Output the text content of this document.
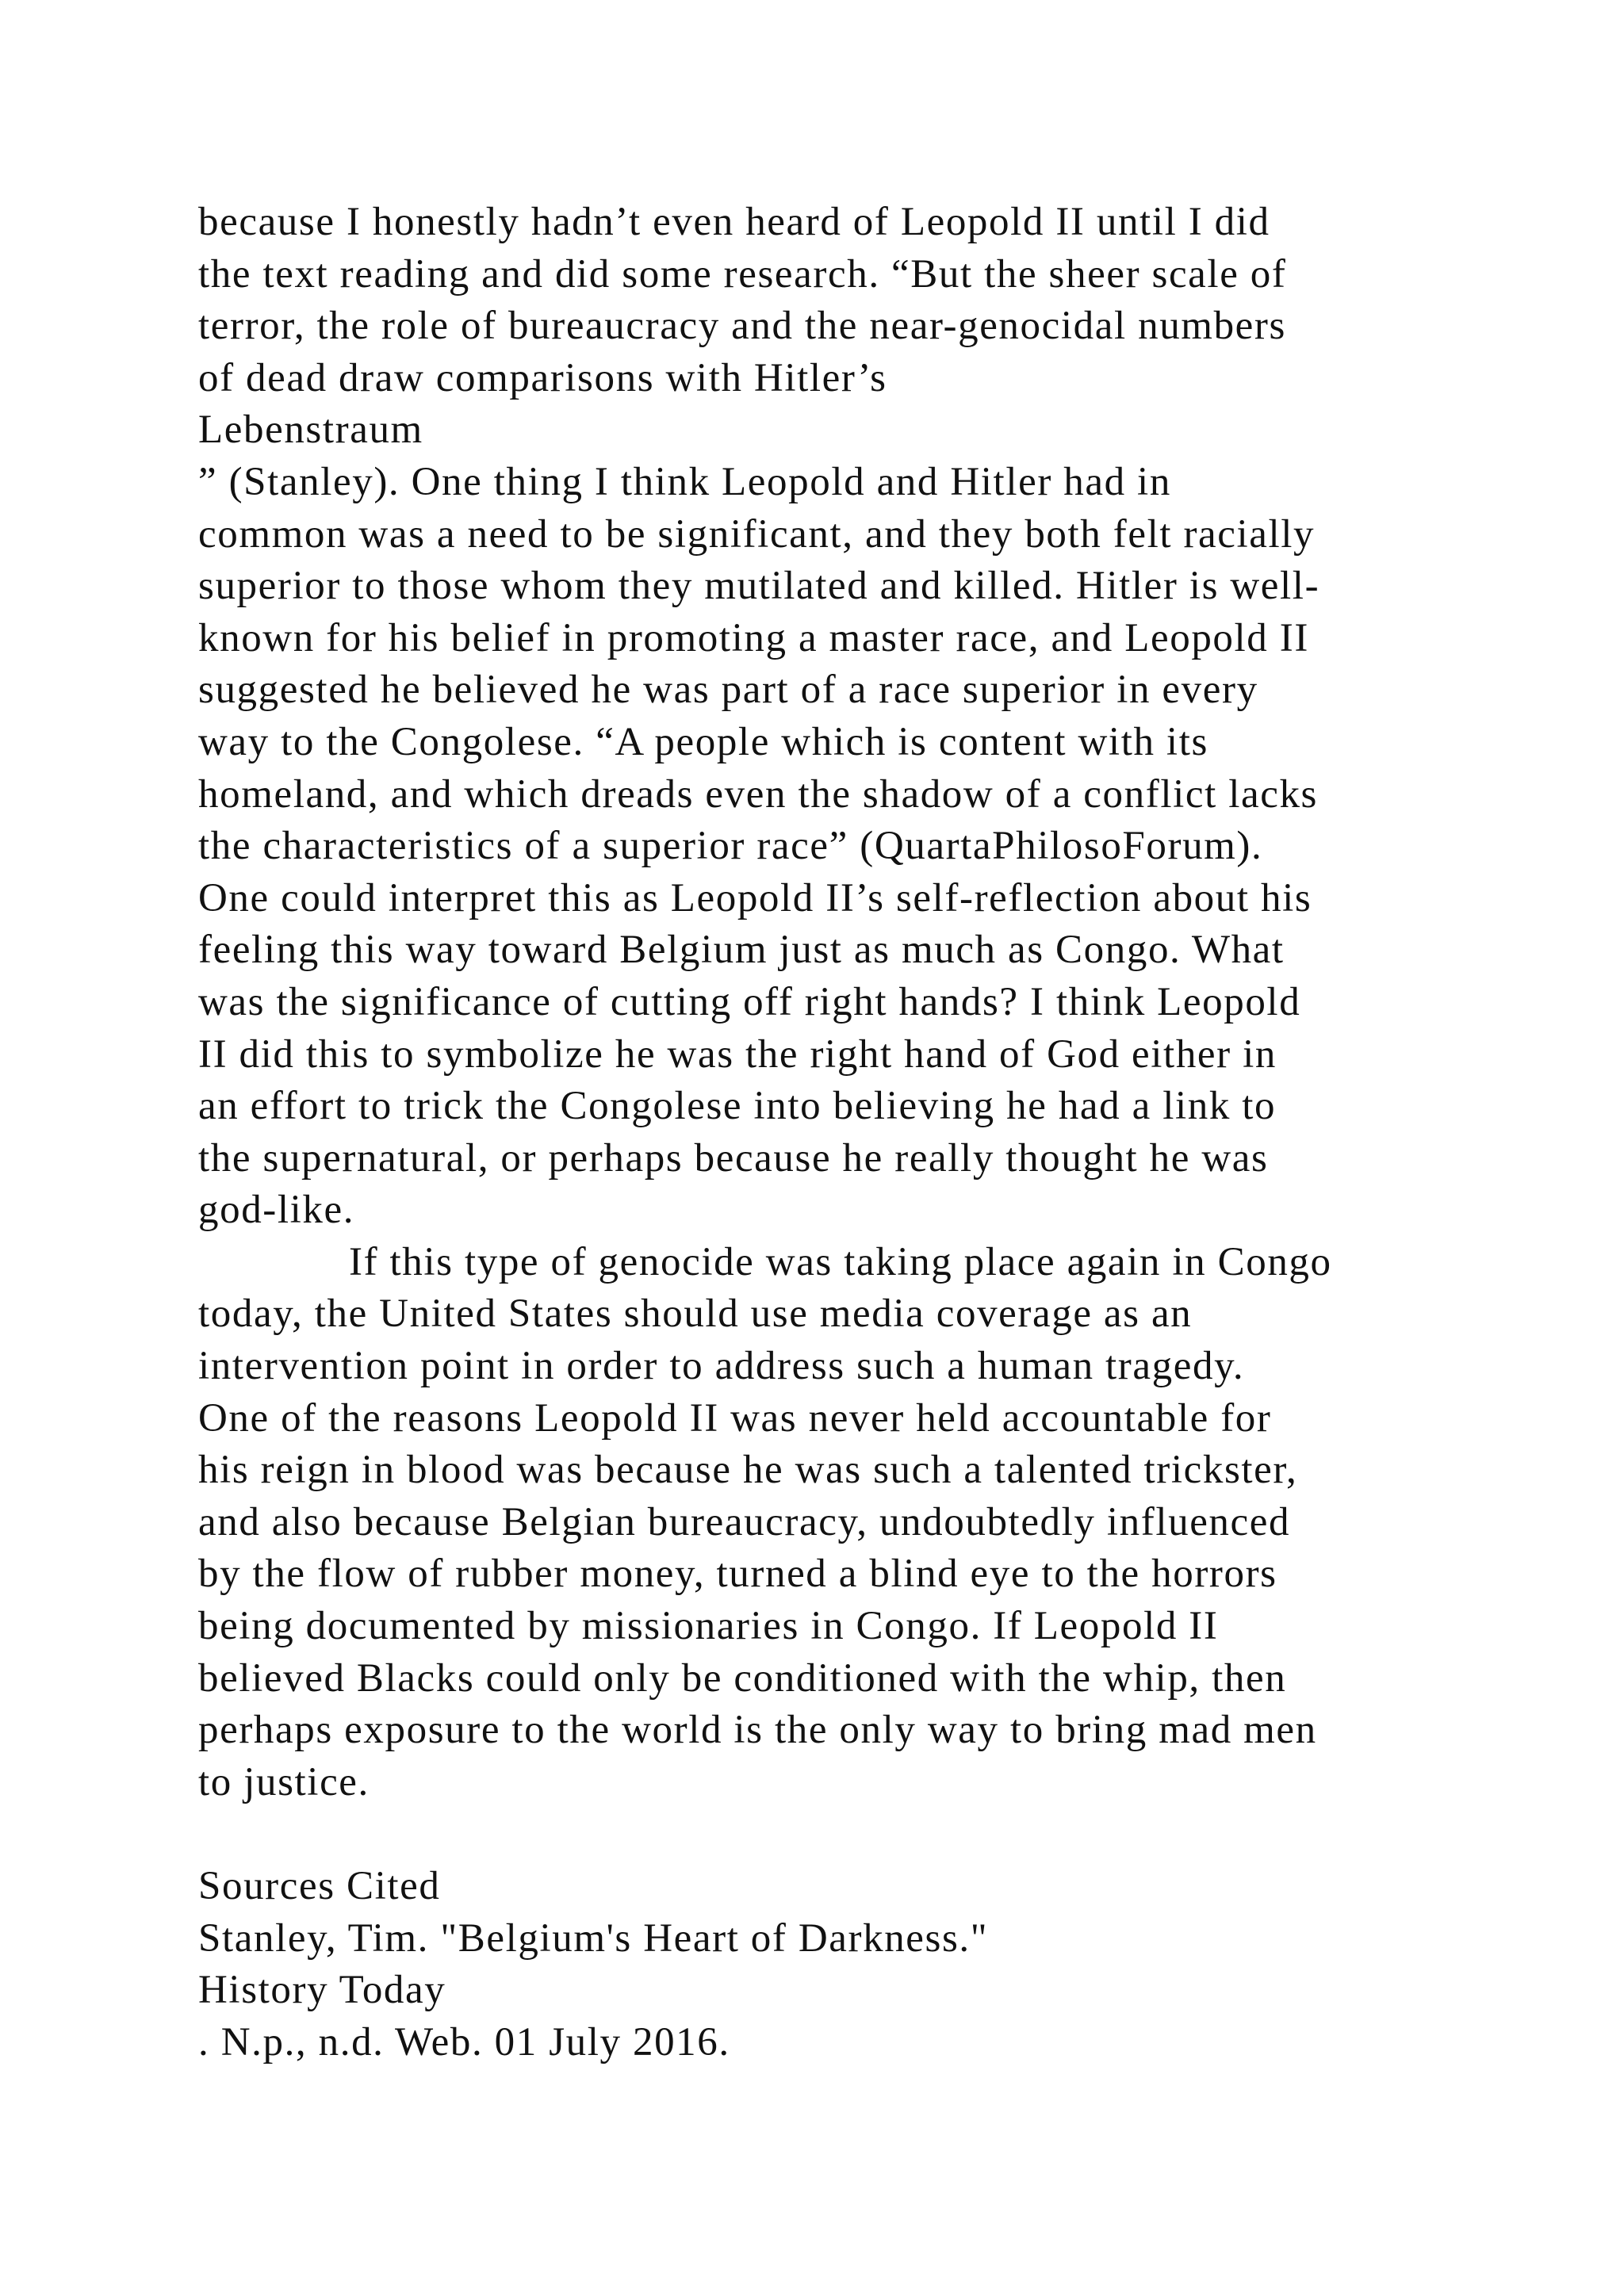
because I honestly hadn’t even heard of Leopold II until I did
the text reading and did some research. “But the sheer scale of
terror, the role of bureaucracy and the near-genocidal numbers
of dead draw comparisons with Hitler’s
Lebenstraum
” (Stanley). One thing I think Leopold and Hitler had in
common was a need to be significant, and they both felt racially
superior to those whom they mutilated and killed. Hitler is well-
known for his belief in promoting a master race, and Leopold II
suggested he believed he was part of a race superior in every
way to the Congolese. “A people which is content with its
homeland, and which dreads even the shadow of a conflict lacks
the characteristics of a superior race” (QuartaPhilosoForum).
One could interpret this as Leopold II’s self-reflection about his
feeling this way toward Belgium just as much as Congo. What
was the significance of cutting off right hands? I think Leopold
II did this to symbolize he was the right hand of God either in
an effort to trick the Congolese into believing he had a link to
the supernatural, or perhaps because he really thought he was
god-like.
If this type of genocide was taking place again in Congo
today, the United States should use media coverage as an
intervention point in order to address such a human tragedy.
One of the reasons Leopold II was never held accountable for
his reign in blood was because he was such a talented trickster,
and also because Belgian bureaucracy, undoubtedly influenced
by the flow of rubber money, turned a blind eye to the horrors
being documented by missionaries in Congo. If Leopold II
believed Blacks could only be conditioned with the whip, then
perhaps exposure to the world is the only way to bring mad men
to justice.
Sources Cited
Stanley, Tim. "Belgium's Heart of Darkness."
History Today
. N.p., n.d. Web. 01 July 2016.
